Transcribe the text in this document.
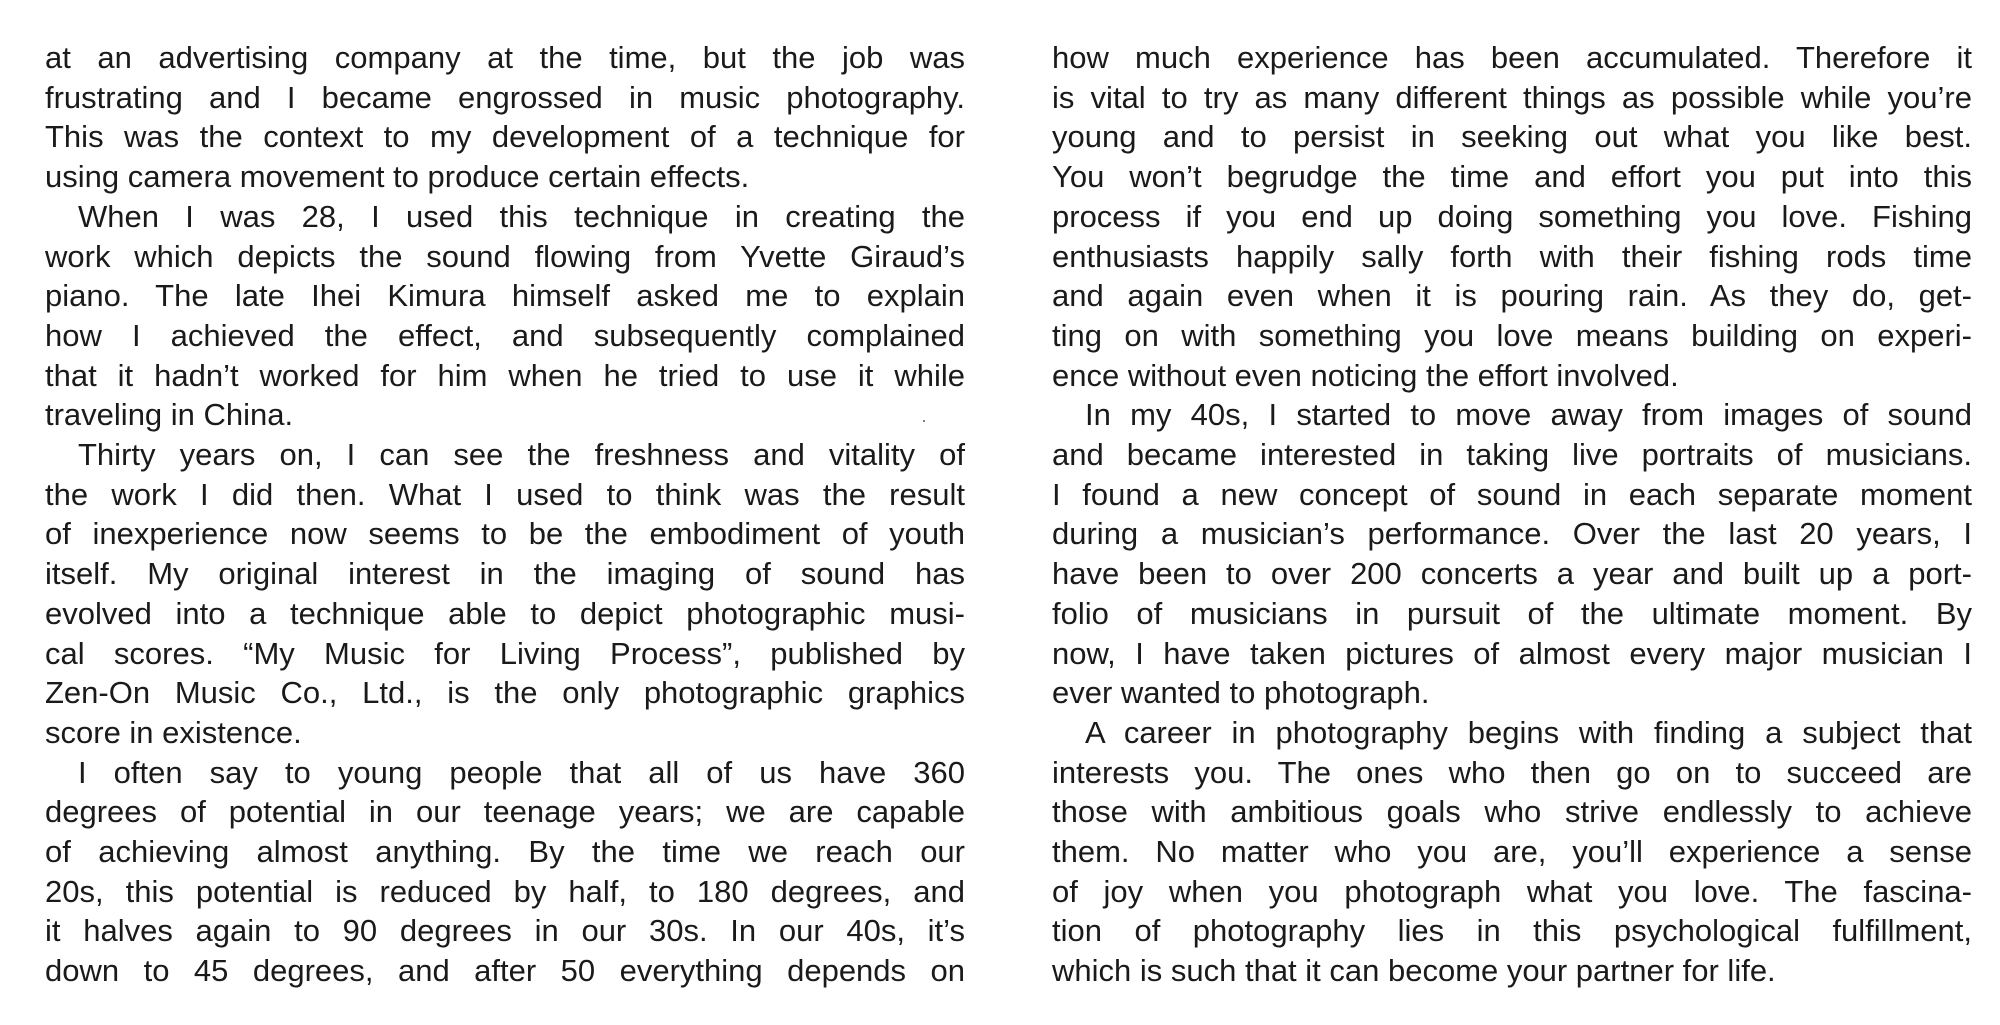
at an advertising company at the time, but the job was
frustrating and I became engrossed in music photography.
This was the context to my development of a technique for
using camera movement to produce certain effects.
When I was 28, I used this technique in creating the
work which depicts the sound flowing from Yvette Giraud’s
piano. The late Ihei Kimura himself asked me to explain
how I achieved the effect, and subsequently complained
that it hadn’t worked for him when he tried to use it while
traveling in China.
Thirty years on, I can see the freshness and vitality of
the work I did then. What I used to think was the result
of inexperience now seems to be the embodiment of youth
itself. My original interest in the imaging of sound has
evolved into a technique able to depict photographic musi-
cal scores. “My Music for Living Process”, published by
Zen-On Music Co., Ltd., is the only photographic graphics
score in existence.
I often say to young people that all of us have 360
degrees of potential in our teenage years; we are capable
of achieving almost anything. By the time we reach our
20s, this potential is reduced by half, to 180 degrees, and
it halves again to 90 degrees in our 30s. In our 40s, it’s
down to 45 degrees, and after 50 everything depends on
how much experience has been accumulated. Therefore it
is vital to try as many different things as possible while you’re
young and to persist in seeking out what you like best.
You won’t begrudge the time and effort you put into this
process if you end up doing something you love. Fishing
enthusiasts happily sally forth with their fishing rods time
and again even when it is pouring rain. As they do, get-
ting on with something you love means building on experi-
ence without even noticing the effort involved.
In my 40s, I started to move away from images of sound
and became interested in taking live portraits of musicians.
I found a new concept of sound in each separate moment
during a musician’s performance. Over the last 20 years, I
have been to over 200 concerts a year and built up a port-
folio of musicians in pursuit of the ultimate moment. By
now, I have taken pictures of almost every major musician I
ever wanted to photograph.
A career in photography begins with finding a subject that
interests you. The ones who then go on to succeed are
those with ambitious goals who strive endlessly to achieve
them. No matter who you are, you’ll experience a sense
of joy when you photograph what you love. The fascina-
tion of photography lies in this psychological fulfillment,
which is such that it can become your partner for life.
